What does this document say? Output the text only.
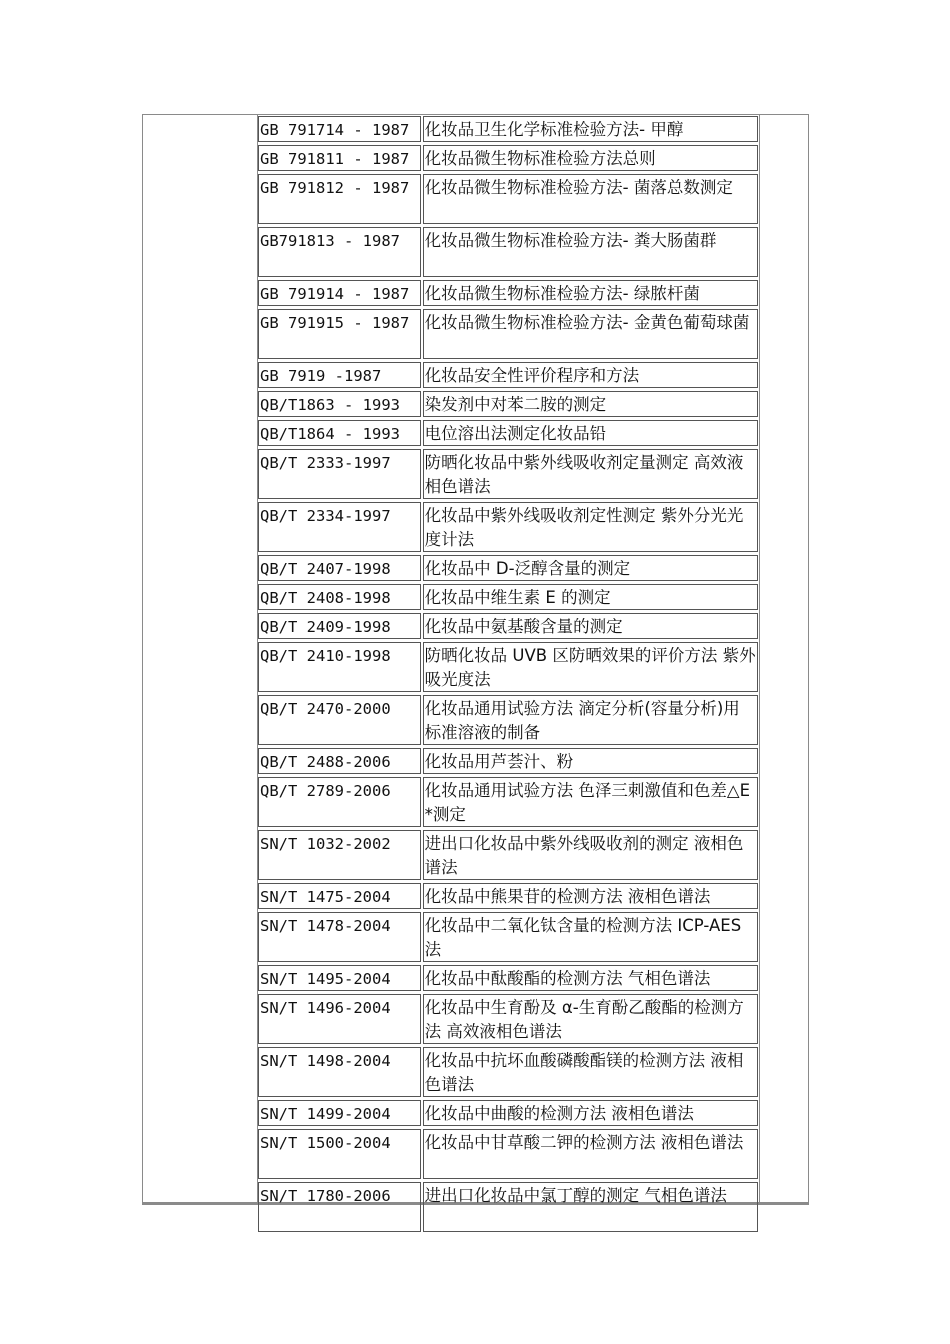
GB 791714 - 1987 化妆品卫生化学标准检验方法- 甲醇
GB 791811 - 1987 化妆品微生物标准检验方法总则
GB 791812 - 1987 化妆品微生物标准检验方法- 菌落总数测定
GB791813 - 1987	化妆品微生物标准检验方法- 粪大肠菌群
GB 791914 - 1987 化妆品微生物标准检验方法- 绿脓杆菌
GB 791915 - 1987 化妆品微生物标准检验方法- 金黄色葡萄球菌
GB 7919 -1987	化妆品安全性评价程序和方法
QB/T1863 - 1993	染发剂中对苯二胺的测定
QB/T1864 - 1993	电位溶出法测定化妆品铅
QB/T 2333-1997	防晒化妆品中紫外线吸收剂定量测定 高效液相色谱法
QB/T 2334-1997	化妆品中紫外线吸收剂定性测定 紫外分光光度计法
QB/T 2407-1998	化妆品中 D-泛醇含量的测定
QB/T 2408-1998	化妆品中维生素 E 的测定
QB/T 2409-1998	化妆品中氨基酸含量的测定
QB/T 2410-1998	防晒化妆品 UVB 区防晒效果的评价方法 紫外吸光度法
QB/T 2470-2000	化妆品通用试验方法 滴定分析(容量分析)用标准溶液的制备
QB/T 2488-2006	化妆品用芦荟汁、粉
QB/T 2789-2006	化妆品通用试验方法 色泽三刺激值和色差△E*测定
SN/T 1032-2002	进出口化妆品中紫外线吸收剂的测定 液相色谱法
SN/T 1475-2004	化妆品中熊果苷的检测方法 液相色谱法
SN/T 1478-2004	化妆品中二氧化钛含量的检测方法 ICP-AES 法
SN/T 1495-2004	化妆品中酞酸酯的检测方法 气相色谱法
SN/T 1496-2004	化妆品中生育酚及 α-生育酚乙酸酯的检测方法 高效液相色谱法
SN/T 1498-2004	化妆品中抗坏血酸磷酸酯镁的检测方法 液相色谱法
SN/T 1499-2004	化妆品中曲酸的检测方法 液相色谱法
SN/T 1500-2004	化妆品中甘草酸二钾的检测方法 液相色谱法
SN/T 1780-2006	进出口化妆品中氯丁醇的测定 气相色谱法
